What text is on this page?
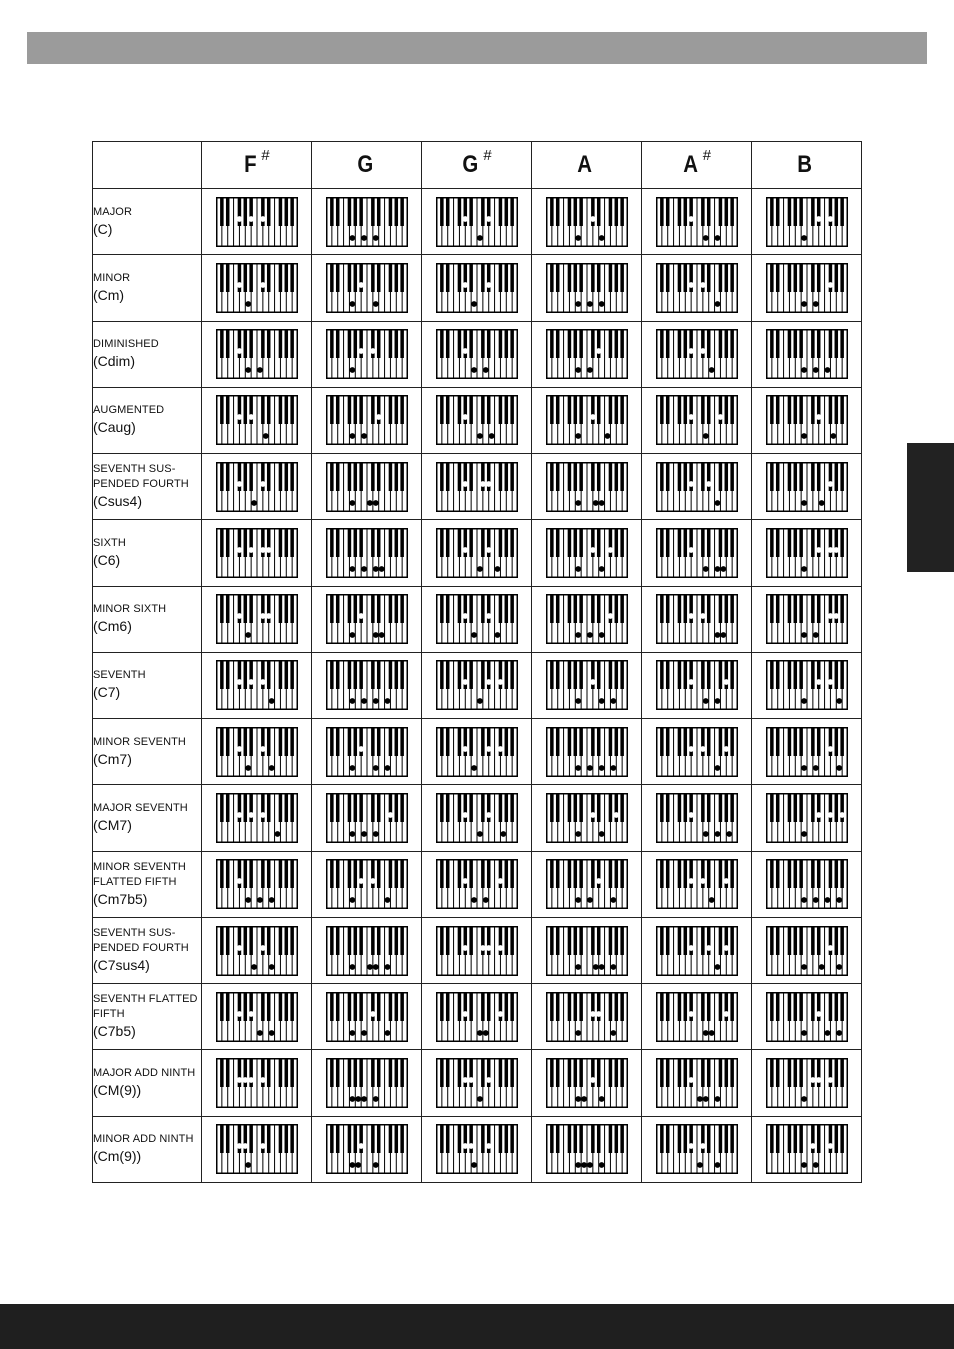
	F #	G	G #	A	A #	B

MAJOR
(C)

MINOR
(Cm)

DIMINISHED
(Cdim)

AUGMENTED
(Caug)

SEVENTH SUS-
PENDED FOURTH
(Csus4)

SIXTH
(C6)

MINOR SIXTH
(Cm6)

SEVENTH
(C7)

MINOR SEVENTH
(Cm7)

MAJOR SEVENTH
(CM7)

MINOR SEVENTH
FLATTED FIFTH
(Cm7b5)

SEVENTH SUS-
PENDED FOURTH
(C7sus4)

SEVENTH FLATTED
FIFTH
(C7b5)

MAJOR ADD NINTH
(CM(9))

MINOR ADD NINTH
(Cm(9))
